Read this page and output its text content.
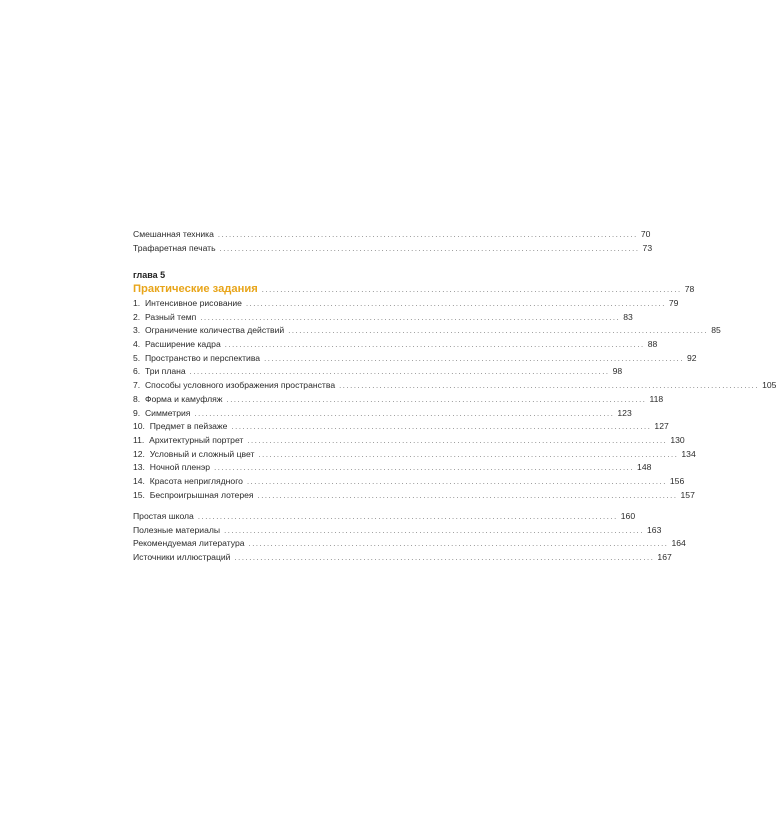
Смешанная техника .................................................................................................................. 70
Трафаретная печать .................................................................................................................. 73
глава 5
Практические задания .................................................................................................................. 78
1. Интенсивное рисование .................................................................................................................. 79
2. Разный темп .................................................................................................................. 83
3. Ограничение количества действий .................................................................................................................. 85
4. Расширение кадра .................................................................................................................. 88
5. Пространство и перспектива .................................................................................................................. 92
6. Три плана .................................................................................................................. 98
7. Способы условного изображения пространства .................................................................................................................. 105
8. Форма и камуфляж .................................................................................................................. 118
9. Симметрия .................................................................................................................. 123
10. Предмет в пейзаже .................................................................................................................. 127
11. Архитектурный портрет .................................................................................................................. 130
12. Условный и сложный цвет .................................................................................................................. 134
13. Ночной пленэр .................................................................................................................. 148
14. Красота неприглядного .................................................................................................................. 156
15. Беспроигрышная лотерея .................................................................................................................. 157
Простая школа .................................................................................................................. 160
Полезные материалы .................................................................................................................. 163
Рекомендуемая литература .................................................................................................................. 164
Источники иллюстраций .................................................................................................................. 167
